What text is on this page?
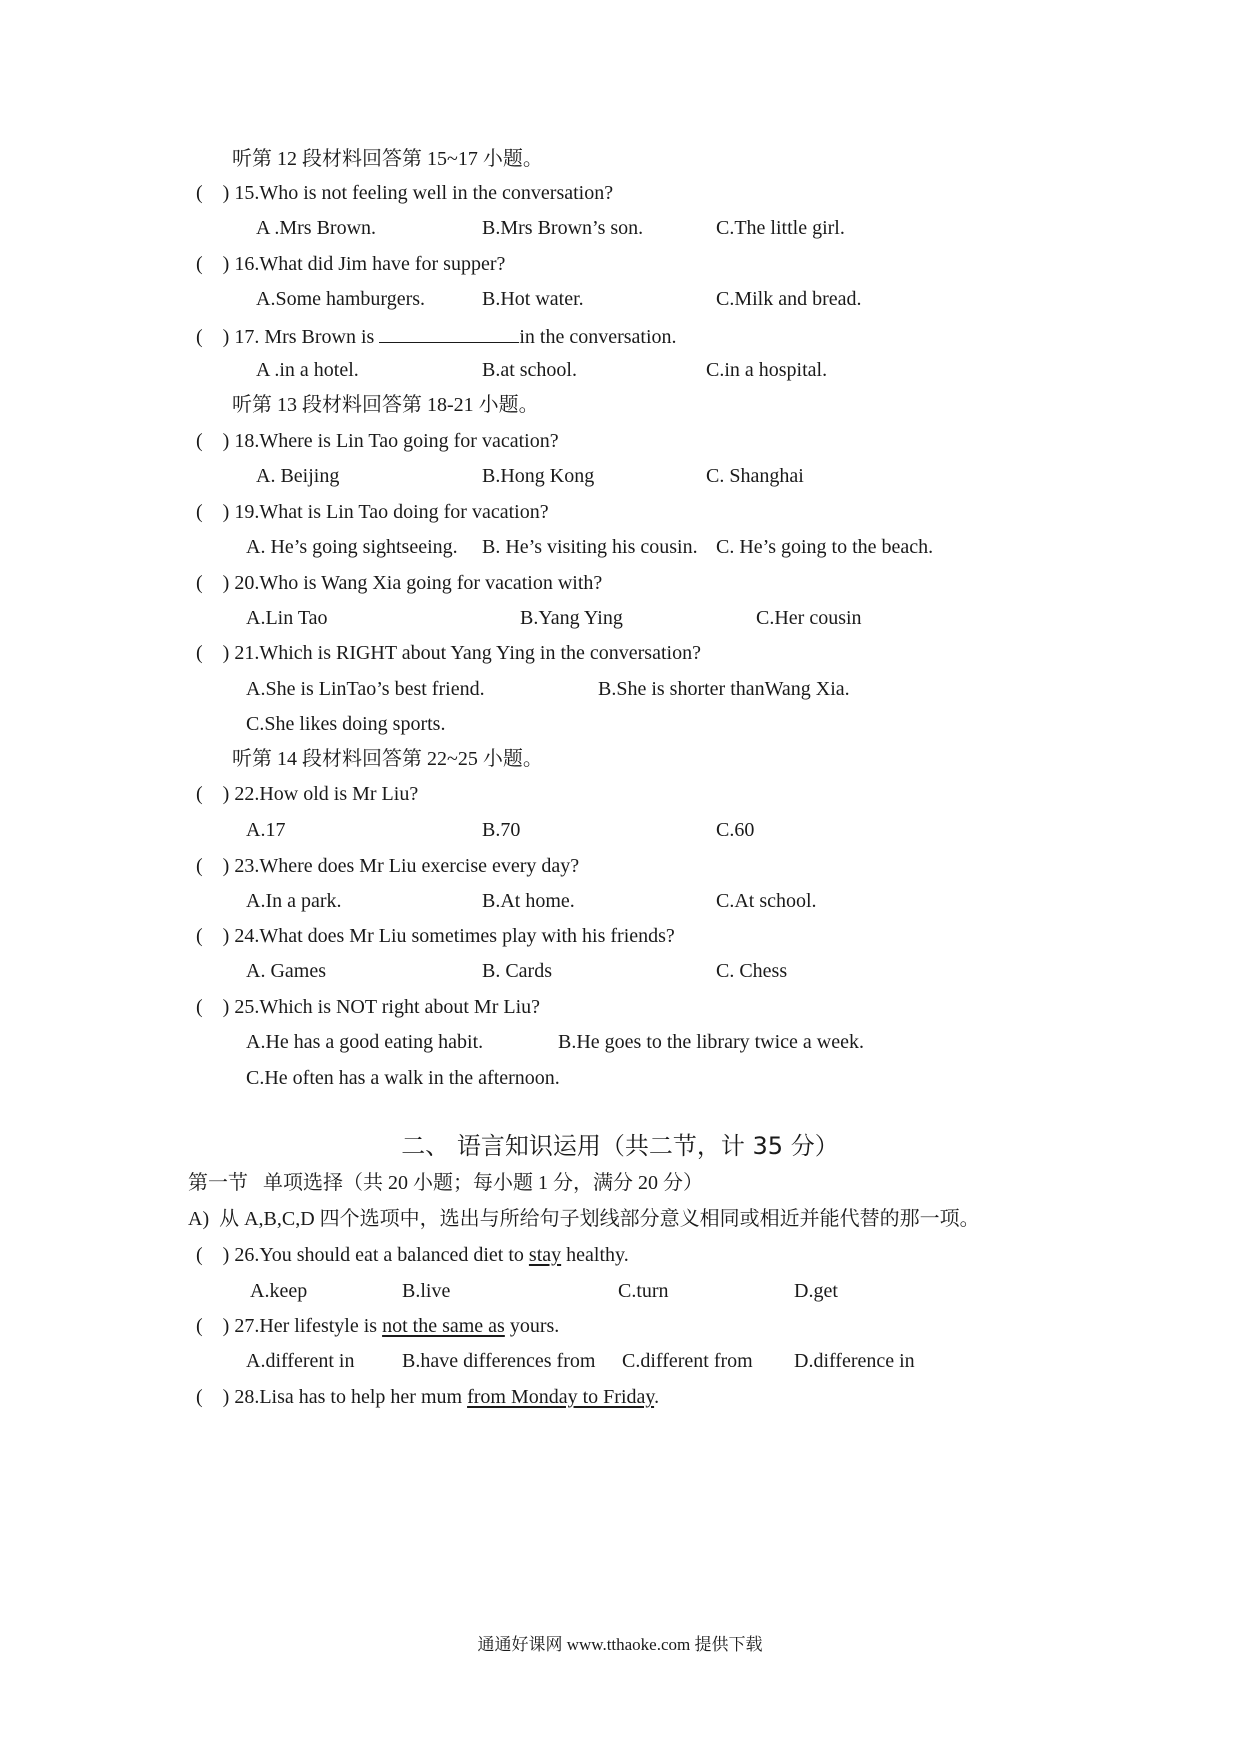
听第 12 段材料回答第 15~17 小题。
(    ) 15.Who is not feeling well in the conversation?
A .Mrs Brown.	B.Mrs Brown’s son.	C.The little girl.
(    ) 16.What did Jim have for supper?
A.Some hamburgers.	B.Hot water.	C.Milk and bread.
(    ) 17. Mrs Brown is	in the conversation.
A .in a hotel.	B.at school.	C.in a hospital.
听第 13 段材料回答第 18-21 小题。
(    ) 18.Where is Lin Tao going for vacation?
A. Beijing	B.Hong Kong	C. Shanghai
(    ) 19.What is Lin Tao doing for vacation?
A. He’s going sightseeing. B. He’s visiting his cousin. C. He’s going to the beach.
(    ) 20.Who is Wang Xia going for vacation with?
A.Lin Tao	B.Yang Ying	C.Her cousin
(    ) 21.Which is RIGHT about Yang Ying in the conversation?
A.She is LinTao’s best friend.	B.She is shorter thanWang Xia.
C.She likes doing sports.
听第 14 段材料回答第 22~25 小题。
(    ) 22.How old is Mr Liu?
A.17	B.70	C.60
(    ) 23.Where does Mr Liu exercise every day?
A.In a park.	B.At home.	C.At school.
(    ) 24.What does Mr Liu sometimes play with his friends?
A. Games	B. Cards	C. Chess
(    ) 25.Which is NOT right about Mr Liu?
A.He has a good eating habit.	B.He goes to the library twice a week.
C.He often has a walk in the afternoon.
二、 语言知识运用（共二节，计 35 分）
第一节   单项选择（共 20 小题；每小题 1 分，满分 20 分）
A)  从 A,B,C,D 四个选项中，选出与所给句子划线部分意义相同或相近并能代替的那一项。
(    ) 26.You should eat a balanced diet to stay healthy.
A.keep	B.live	C.turn	D.get
(    ) 27.Her lifestyle is not the same as yours.
A.different in B.have differences from C.different from D.difference in
(    ) 28.Lisa has to help her mum from Monday to Friday.
通通好课网 www.tthaoke.com 提供下载
